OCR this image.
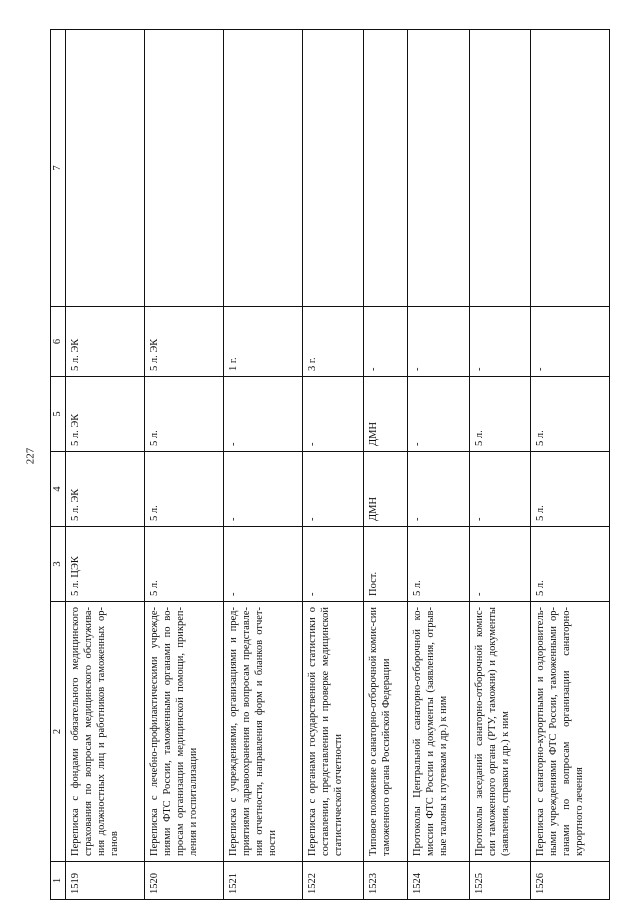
227
1	2	3	4	5	6	7
1519	Переписка с фондами обязательного медицинского страхования по вопросам медицинского обслужива-ния должностных лиц и работников таможенных ор-ганов	5 л. ЦЭК	5 л. ЭК	5 л. ЭК	5 л. ЭК	
1520	Переписка с лечебно-профилактическими учрежде-ниями ФТС России, таможенными органами по во-просам организации медицинской помощи, прикреп-ления и госпитализации	5 л.	5 л.	5 л.	5 л. ЭК	
1521	Переписка с учреждениями, организациями и пред-приятиями здравоохранения по вопросам представле-ния отчетности, направления форм и бланков отчет-ности	-	-	-	1 г.	
1522	Переписка с органами государственной статистики о составлении, представлении и проверке медицинской статистической отчетности	-	-	-	3 г.	
1523	Типовое положение о санаторно-отборочной комис-сии таможенного органа Российской Федерации	Пост.	ДМН	ДМН	-	
1524	Протоколы Центральной санаторно-отборочной ко-миссии ФТС России и документы (заявления, отрыв-ные талоны к путевкам и др.) к ним	5 л.	-	-	-	
1525	Протоколы заседаний санаторно-отборочной комис-сии таможенного органа (РТУ, таможни) и документы (заявления, справки и др.) к ним	-	-	5 л.	-	
1526	Переписка с санаторно-курортными и оздоровитель-ными учреждениями ФТС России, таможенными ор-ганами по вопросам организации санаторно-курортного лечения	5 л.	5 л.	5 л.	-	
